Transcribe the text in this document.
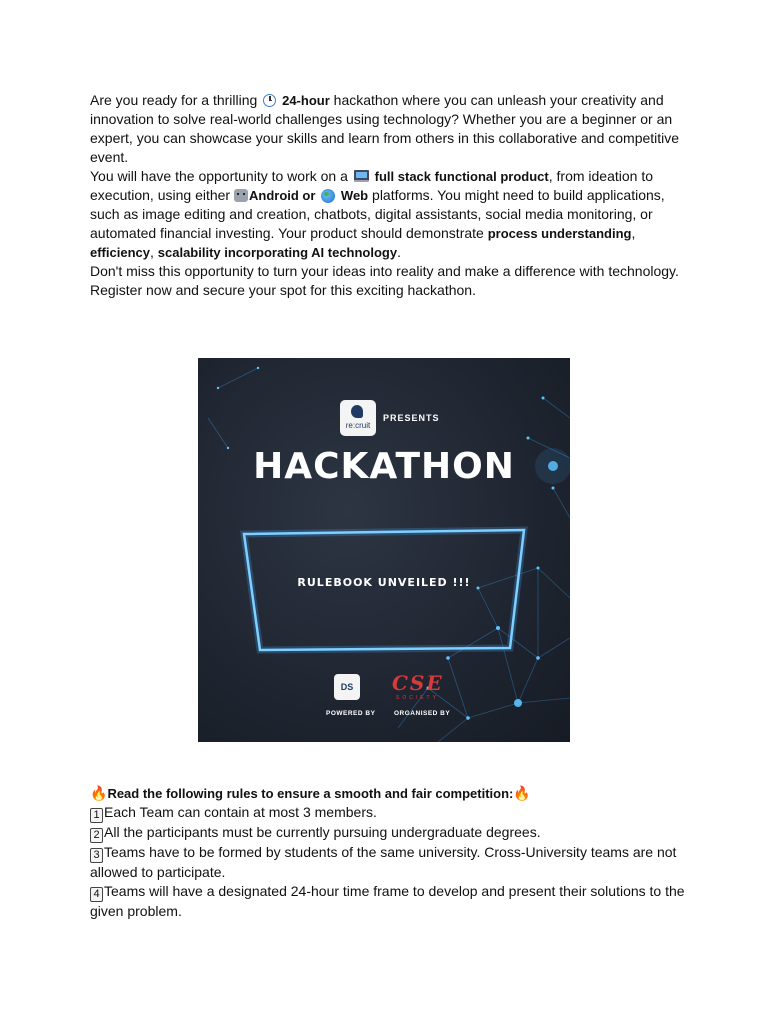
Are you ready for a thrilling  24-hour hackathon where you can unleash your creativity and innovation to solve real-world challenges using technology? Whether you are a beginner or an expert, you can showcase your skills and learn from others in this collaborative and competitive event.

You will have the opportunity to work on a  full stack functional product, from ideation to execution, using either Android or  Web platforms. You might need to build applications, such as image editing and creation, chatbots, digital assistants, social media monitoring, or automated financial investing. Your product should demonstrate process understanding, efficiency, scalability incorporating AI technology.

Don't miss this opportunity to turn your ideas into reality and make a difference with technology. Register now and secure your spot for this exciting hackathon.

re:cruit
PRESENTS
HACKATHON
RULEBOOK UNVEILED !!!
DS	CSE
SOCIETY
POWERED BY	ORGANISED BY

🔥Read the following rules to ensure a smooth and fair competition:🔥

1 Each Team can contain at most 3 members.

2 All the participants must be currently pursuing undergraduate degrees.

3 Teams have to be formed by students of the same university. Cross-University teams are not allowed to participate.

4 Teams will have a designated 24-hour time frame to develop and present their solutions to the given problem.
